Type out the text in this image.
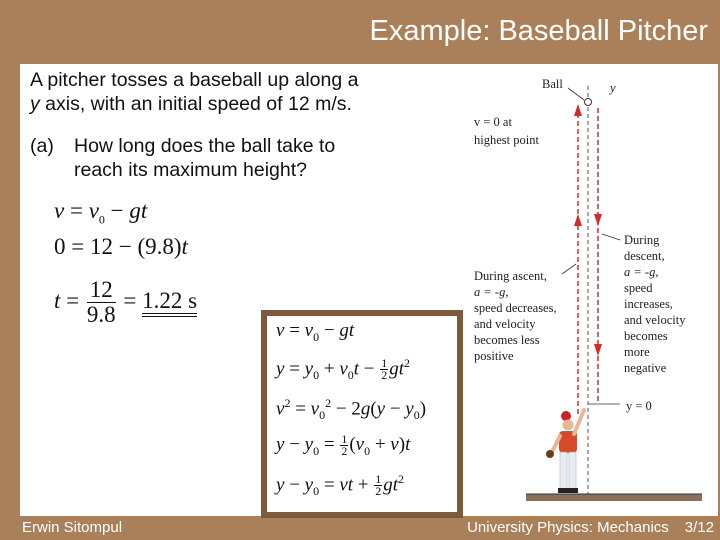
Example: Baseball Pitcher
A pitcher tosses a baseball up along a
y axis, with an initial speed of 12 m/s.
(a) How long does the ball take to
reach its maximum height?
$v = v_0$ − gt
0 = 12 − (9.8)t
$t = \frac{12}{9.8} = 1.22$ s
$v = v_0$ − gt
$y = y_0 + v_0t - \frac{1}{2} gt^2$
$v^2 = v_0^2 - 2g(y - y_0)$
$y - y_0 = \frac{1}{2} (v_0 + v)t$
$y - y_0$ = vt + $\frac{1}{2} gt^2$
Ball	y
v = 0 at
highest point
During ascent,
a = -g,
speed decreases,
and velocity
becomes less
positive
During
descent,
a = -g,
speed
increases,
and velocity
becomes
more
negative
y = 0
Erwin Sitompul	University Physics: Mechanics 3/12
